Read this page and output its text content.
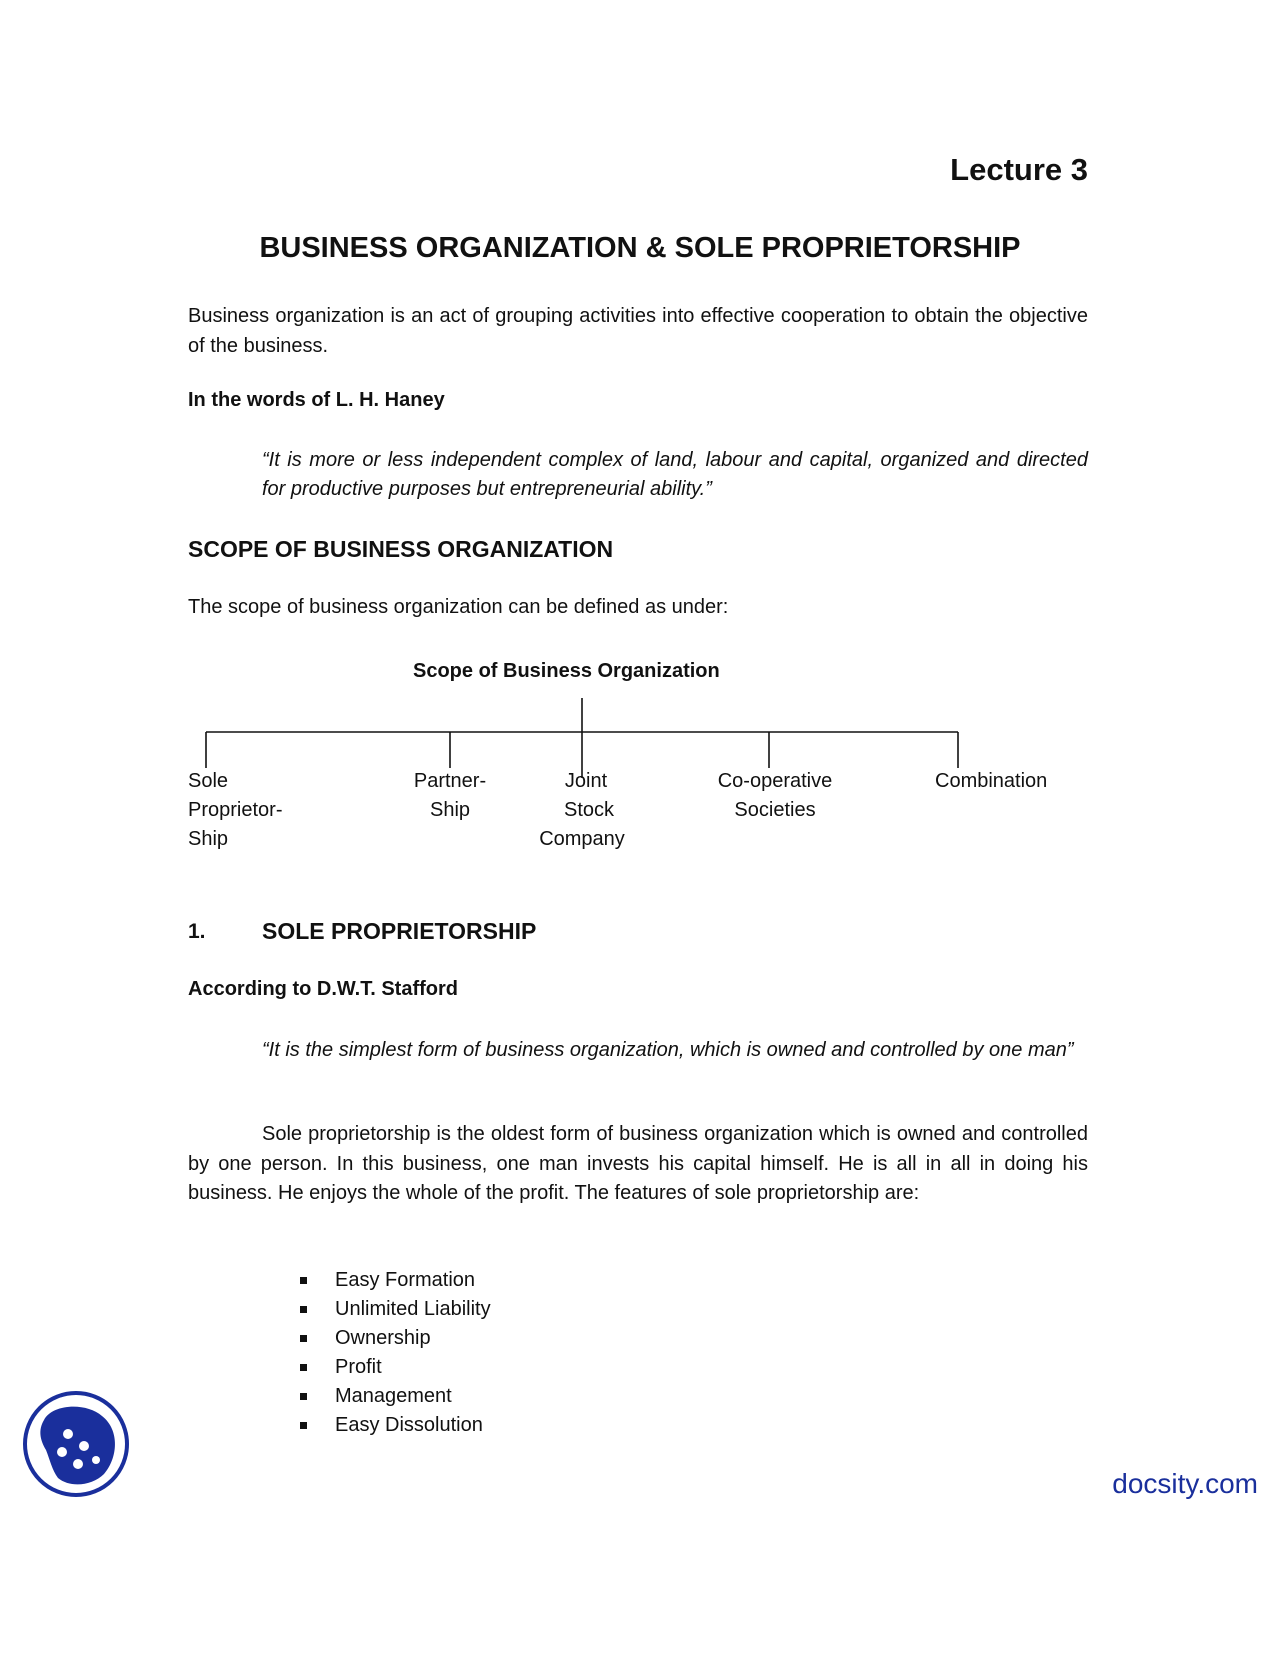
Lecture 3
BUSINESS ORGANIZATION & SOLE PROPRIETORSHIP
Business organization is an act of grouping activities into effective cooperation to obtain the objective of the business.
In the words of L. H. Haney
“It is more or less independent complex of land, labour and capital, organized and directed for productive purposes but entrepreneurial ability.”
SCOPE OF BUSINESS ORGANIZATION
The scope of business organization can be defined as under:
Scope of Business Organization
Sole
Proprietor-
Ship
Partner-
Ship
Joint
Stock
Company
Co-operative
Societies
Combination
1. SOLE PROPRIETORSHIP
According to D.W.T. Stafford
“It is the simplest form of business organization, which is owned and controlled by one man”
Sole proprietorship is the oldest form of business organization which is owned and controlled by one person. In this business, one man invests his capital himself. He is all in all in doing his business. He enjoys the whole of the profit. The features of sole proprietorship are:
Easy Formation
Unlimited Liability
Ownership
Profit
Management
Easy Dissolution
docsity.com
